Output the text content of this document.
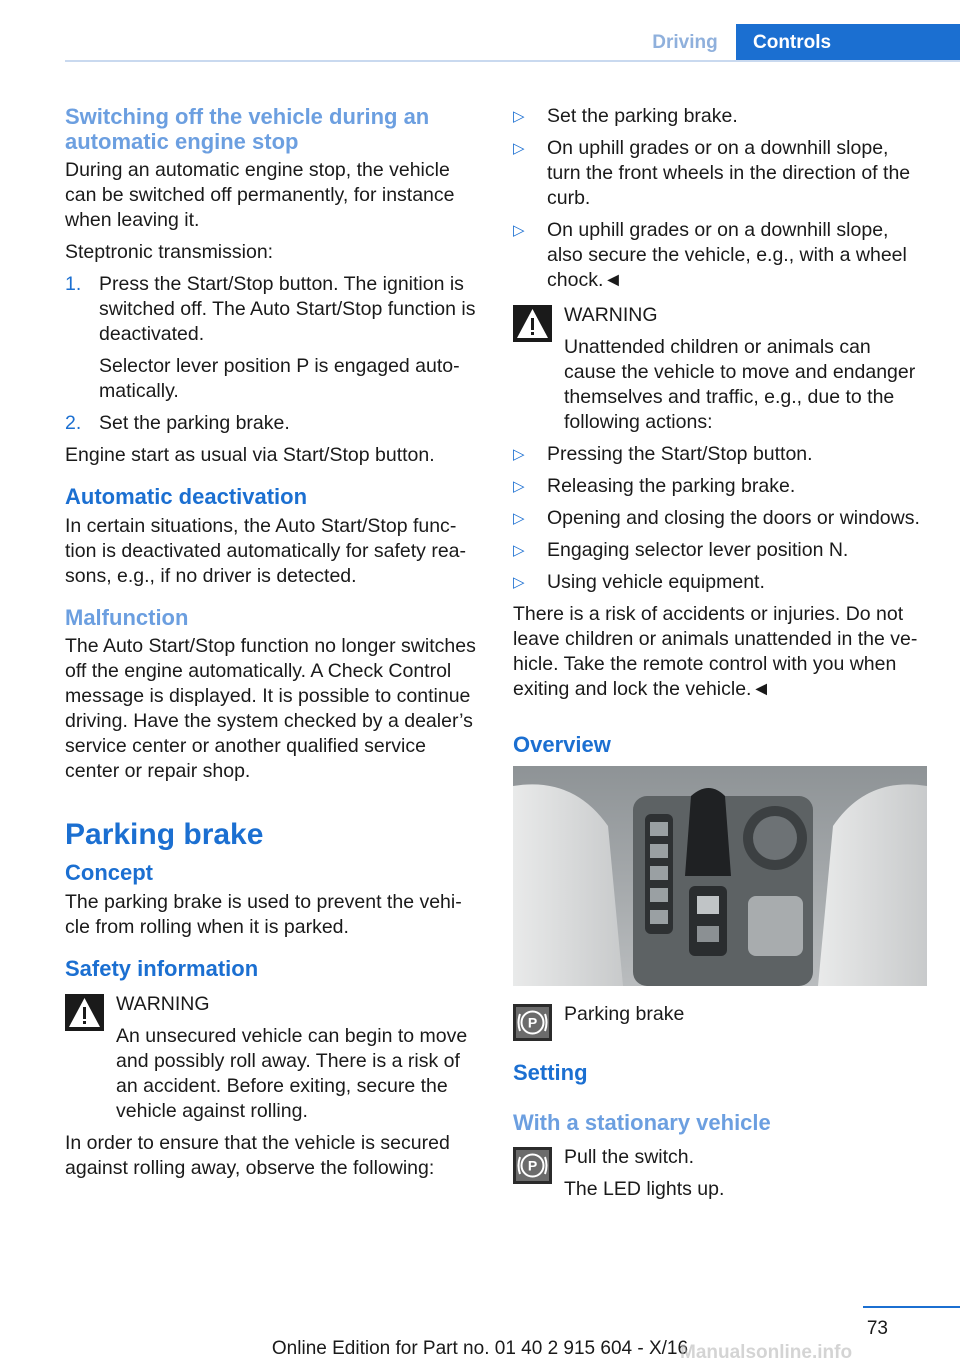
Driving	Controls
Switching off the vehicle during an automatic engine stop

During an automatic engine stop, the vehicle can be switched off permanently, for instance when leaving it.

Steptronic transmission:

1. Press the Start/Stop button. The ignition is switched off. The Auto Start/Stop function is deactivated.
Selector lever position P is engaged automatically.
2. Set the parking brake.

Engine start as usual via Start/Stop button.

Automatic deactivation

In certain situations, the Auto Start/Stop function is deactivated automatically for safety reasons, e.g., if no driver is detected.

Malfunction

The Auto Start/Stop function no longer switches off the engine automatically. A Check Control message is displayed. It is possible to continue driving. Have the system checked by a dealer’s service center or another qualified service center or repair shop.

Parking brake
Concept

The parking brake is used to prevent the vehicle from rolling when it is parked.

Safety information
WARNING
An unsecured vehicle can begin to move and possibly roll away. There is a risk of an accident. Before exiting, secure the vehicle against rolling.

In order to ensure that the vehicle is secured against rolling away, observe the following:

▷ Set the parking brake.
▷ On uphill grades or on a downhill slope, turn the front wheels in the direction of the curb.
▷ On uphill grades or on a downhill slope, also secure the vehicle, e.g., with a wheel chock.◄
WARNING
Unattended children or animals can cause the vehicle to move and endanger themselves and traffic, e.g., due to the following actions:
▷ Pressing the Start/Stop button.
▷ Releasing the parking brake.
▷ Opening and closing the doors or windows.
▷ Engaging selector lever position N.
▷ Using vehicle equipment.

There is a risk of accidents or injuries. Do not leave children or animals unattended in the vehicle. Take the remote control with you when exiting and lock the vehicle.◄

Overview
P Parking brake
Setting
With a stationary vehicle
P Pull the switch.

The LED lights up.

73
Online Edition for Part no. 01 40 2 915 604 - X/16
Manualsonline.info
